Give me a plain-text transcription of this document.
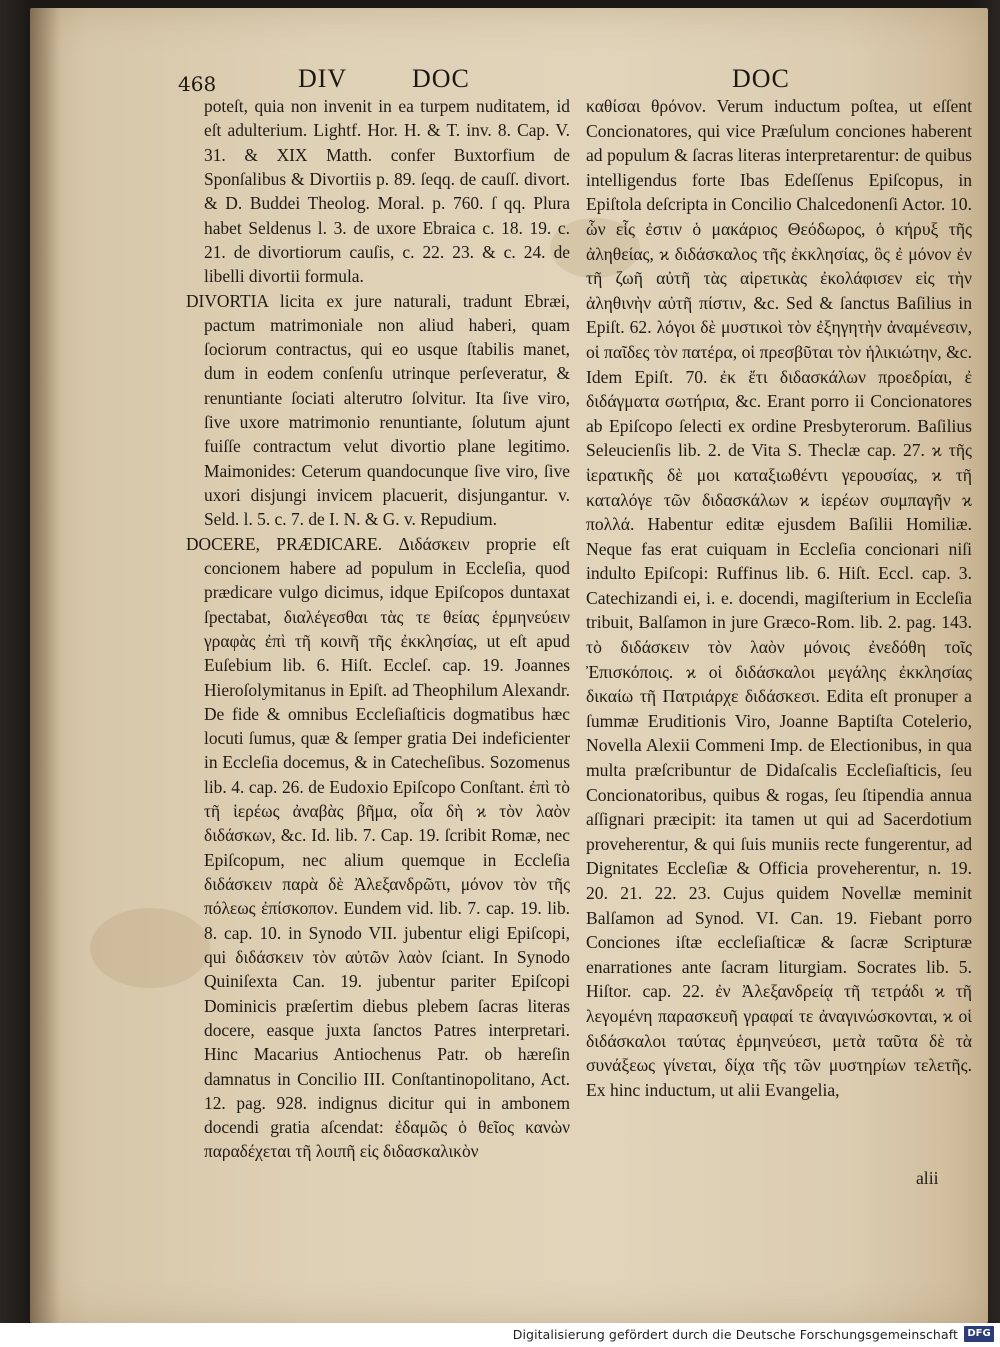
468	DIV DOC	DOC

poteſt, quia non invenit in ea turpem nuditatem, id eſt adulterium. Lightf. Hor. H. & T. inv. 8. Cap. V. 31. & XIX Matth. confer Buxtorfium de Sponſalibus & Divortiis p. 89. ſeqq. de cauſſ. divort. & D. Buddei Theolog. Moral. p. 760. ſ qq. Plura habet Seldenus l. 3. de uxore Ebraica c. 18. 19. c. 21. de divortiorum cauſis, c. 22. 23. & c. 24. de libelli divortii formula.

DIVORTIA licita ex jure naturali, tradunt Ebræi, pactum matrimoniale non aliud haberi, quam ſociorum contractus, qui eo usque ſtabilis manet, dum in eodem conſenſu utrinque perſeveratur, & renuntiante ſociati alterutro ſolvitur. Ita ſive viro, ſive uxore matrimonio renuntiante, ſolutum ajunt fuiſſe contractum velut divortio plane legitimo. Maimonides: Ceterum quandocunque ſive viro, ſive uxori disjungi invicem placuerit, disjungantur. v. Seld. l. 5. c. 7. de I. N. & G. v. Repudium.

DOCERE, PRÆDICARE. Διδάσκειν proprie eſt concionem habere ad populum in Eccleſia, quod prædicare vulgo dicimus, idque Epiſcopos duntaxat ſpectabat, διαλέγεσθαι τὰς τε θείας ἑρμηνεύειν γραφὰς ἐπὶ τῆ κοινῆ τῆς ἐκκλησίας, ut eſt apud Euſebium lib. 6. Hiſt. Eccleſ. cap. 19. Joannes Hieroſolymitanus in Epiſt. ad Theophilum Alexandr. De fide & omnibus Eccleſiaſticis dogmatibus hæc locuti ſumus, quæ & ſemper gratia Dei indeficienter in Eccleſia docemus, & in Catecheſibus. Sozomenus lib. 4. cap. 26. de Eudoxio Epiſcopo Conſtant. ἐπὶ τὸ τῆ ἱερέως ἀναβὰς βῆμα, οἷα δὴ ϰ τὸν λαὸν διδάσκων, &c. Id. lib. 7. Cap. 19. ſcribit Romæ, nec Epiſcopum, nec alium quemque in Eccleſia διδάσκειν παρὰ δὲ Ἀλεξανδρῶτι, μόνον τὸν τῆς πόλεως ἐπίσκοπον. Eundem vid. lib. 7. cap. 19. lib. 8. cap. 10. in Synodo VII. jubentur eligi Epiſcopi, qui διδάσκειν τὸν αὐτῶν λαὸν ſciant. In Synodo Quiniſexta Can. 19. jubentur pariter Epiſcopi Dominicis præſertim diebus plebem ſacras literas docere, easque juxta ſanctos Patres interpretari. Hinc Macarius Antiochenus Patr. ob hæreſin damnatus in Concilio III. Conſtantinopolitano, Act. 12. pag. 928. indignus dicitur qui in ambonem docendi gratia aſcendat: ἐδαμῶς ὁ θεῖος κανὼν παραδέχεται τῆ λοιπῆ εἰς διδασκαλικὸν

καθίσαι θρόνον. Verum inductum poſtea, ut eſſent Concionatores, qui vice Præſulum conciones haberent ad populum & ſacras literas interpretarentur: de quibus intelligendus forte Ibas Edeſſenus Epiſcopus, in Epiſtola deſcripta in Concilio Chalcedonenſi Actor. 10. ὧν εἷς ἐστιν ὁ μακάριος Θεόδωρος, ὁ κήρυξ τῆς ἀληθείας, ϰ διδάσκαλος τῆς ἐκκλησίας, ὃς ἐ μόνον ἐν τῆ ζωῆ αὐτῆ τὰς αἱρετικὰς ἐκολάφισεν εἰς τὴν ἀληθινὴν αὐτῆ πίστιν, &c. Sed & ſanctus Baſilius in Epiſt. 62. λόγοι δὲ μυστικοὶ τὸν ἐξηγητὴν ἀναμένεσιν, οἱ παῖδες τὸν πατέρα, οἱ πρεσβῦται τὸν ἡλικιώτην, &c. Idem Epiſt. 70. ἐκ ἔτι διδασκάλων προεδρίαι, ἐ διδάγματα σωτήρια, &c. Erant porro ii Concionatores ab Epiſcopo ſelecti ex ordine Presbyterorum. Baſilius Seleucienſis lib. 2. de Vita S. Theclæ cap. 27. ϰ τῆς ἱερατικῆς δὲ μοι καταξιωθέντι γερουσίας, ϰ τῆ καταλόγε τῶν διδασκάλων ϰ ἱερέων συμπαγῆν ϰ πολλά. Habentur editæ ejusdem Baſilii Homiliæ. Neque fas erat cuiquam in Eccleſia concionari niſi indulto Epiſcopi: Ruffinus lib. 6. Hiſt. Eccl. cap. 3. Catechizandi ei, i. e. docendi, magiſterium in Eccleſia tribuit, Balſamon in jure Græco-Rom. lib. 2. pag. 143. τὸ διδάσκειν τὸν λαὸν μόνοις ἐνεδόθη τοῖς Ἐπισκόποις. ϰ οἱ διδάσκαλοι μεγάλης ἐκκλησίας δικαίω τῆ Πατριάρχε διδάσκεσι. Edita eſt pronuper a ſummæ Eruditionis Viro, Joanne Baptiſta Cotelerio, Novella Alexii Commeni Imp. de Electionibus, in qua multa præſcribuntur de Didaſcalis Eccleſiaſticis, ſeu Concionatoribus, quibus & rogas, ſeu ſtipendia annua aſſignari præcipit: ita tamen ut qui ad Sacerdotium proveherentur, & qui ſuis muniis recte fungerentur, ad Dignitates Eccleſiæ & Officia proveherentur, n. 19. 20. 21. 22. 23. Cujus quidem Novellæ meminit Balſamon ad Synod. VI. Can. 19. Fiebant porro Conciones iſtæ eccleſiaſticæ & ſacræ Scripturæ enarrationes ante ſacram liturgiam. Socrates lib. 5. Hiſtor. cap. 22. ἐν Ἀλεξανδρείᾳ τῆ τετράδι ϰ τῆ λεγομένη παρασκευῆ γραφαί τε ἀναγινώσκονται, ϰ οἱ διδάσκαλοι ταύτας ἑρμηνεύεσι, μετὰ ταῦτα δὲ τὰ συνάξεως γίνεται, δίχα τῆς τῶν μυστηρίων τελετῆς. Ex hinc inductum, ut alii Evangelia,

alii
Digitalisierung gefördert durch die Deutsche Forschungsgemeinschaft DFG
